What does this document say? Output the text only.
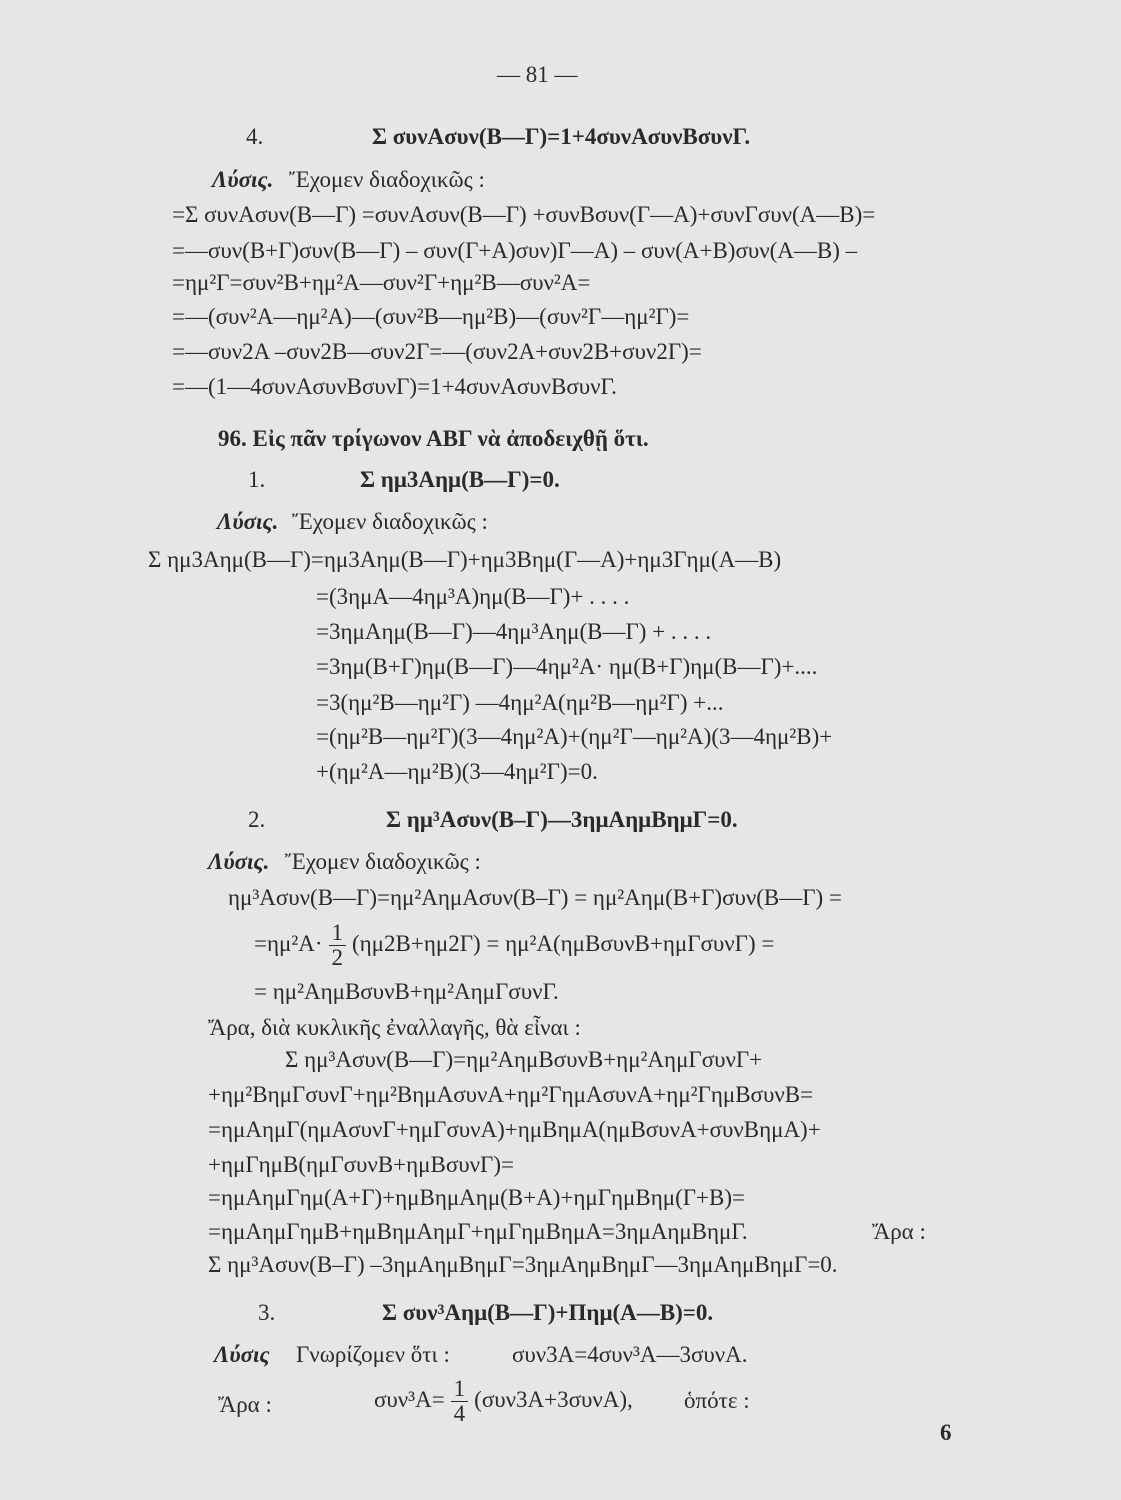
— 81 —
4.	Σ συνΑσυν(Β—Γ)=1+4συνΑσυνΒσυνΓ.
Λύσις. Ἔχομεν διαδοχικῶς :
=Σ συνΑσυν(Β—Γ) =συνΑσυν(Β—Γ) +συνΒσυν(Γ—Α)+συνΓσυν(Α—Β)=
=—συν(Β+Γ)συν(Β—Γ) – συν(Γ+Α)συν)Γ—Α) – συν(Α+Β)συν(Α—Β) –
=ημ²Γ=συν²Β+ημ²Α—συν²Γ+ημ²Β—συν²Α=
=—(συν²Α—ημ²Α)—(συν²Β—ημ²Β)—(συν²Γ—ημ²Γ)=
=—συν2Α –συν2Β—συν2Γ=—(συν2Α+συν2Β+συν2Γ)=
=—(1—4συνΑσυνΒσυνΓ)=1+4συνΑσυνΒσυνΓ.
96. Εἰς πᾶν τρίγωνον ΑΒΓ νὰ ἀποδειχθῇ ὅτι.
1.	Σ ημ3Αημ(Β—Γ)=0.
Λύσις. Ἔχομεν διαδοχικῶς :
Σ ημ3Αημ(Β—Γ)=ημ3Αημ(Β—Γ)+ημ3Βημ(Γ—Α)+ημ3Γημ(Α—Β)
=(3ημΑ—4ημ³Α)ημ(Β—Γ)+ . . . .
=3ημΑημ(Β—Γ)—4ημ³Αημ(Β—Γ) + . . . .
=3ημ(Β+Γ)ημ(Β—Γ)—4ημ²Α· ημ(Β+Γ)ημ(Β—Γ)+....
=3(ημ²Β—ημ²Γ) —4ημ²Α(ημ²Β—ημ²Γ) +...
=(ημ²Β—ημ²Γ)(3—4ημ²Α)+(ημ²Γ—ημ²Α)(3—4ημ²Β)+
+(ημ²Α—ημ²Β)(3—4ημ²Γ)=0.
2.	Σ ημ³Ασυν(Β–Γ)—3ημΑημΒημΓ=0.
Λύσις. Ἔχομεν διαδοχικῶς :
ημ³Ασυν(Β—Γ)=ημ²ΑημΑσυν(Β–Γ) = ημ²Αημ(Β+Γ)συν(Β—Γ) =
$=\eta\mu^2A\cdot \frac{1}{2} (\eta\mu 2B+\eta\mu 2\Gamma) = \eta\mu^2A(\eta\mu B\sigma\upsilon\nu B+\eta\mu\Gamma\sigma\upsilon\nu\Gamma)$ =
= ημ²ΑημΒσυνΒ+ημ²ΑημΓσυνΓ.
Ἄρα, διὰ κυκλικῆς ἐναλλαγῆς, θὰ εἶναι :
Σ ημ³Ασυν(Β—Γ)=ημ²ΑημΒσυνΒ+ημ²ΑημΓσυνΓ+
+ημ²ΒημΓσυνΓ+ημ²ΒημΑσυνΑ+ημ²ΓημΑσυνΑ+ημ²ΓημΒσυνΒ=
=ημΑημΓ(ημΑσυνΓ+ημΓσυνΑ)+ημΒημΑ(ημΒσυνΑ+συνΒημΑ)+
+ημΓημΒ(ημΓσυνΒ+ημΒσυνΓ)=
=ημΑημΓημ(Α+Γ)+ημΒημΑημ(Β+Α)+ημΓημΒημ(Γ+Β)=
=ημΑημΓημΒ+ημΒημΑημΓ+ημΓημΒημΑ=3ημΑημΒημΓ.	Ἄρα :
Σ ημ³Ασυν(Β–Γ) –3ημΑημΒημΓ=3ημΑημΒημΓ—3ημΑημΒημΓ=0.
3.	Σ συν³Αημ(Β—Γ)+Πημ(Α—Β)=0.
Λύσις Γνωρίζομεν ὅτι :	συν3Α=4συν³Α—3συνΑ.
Ἄρα :	$\sigma\upsilon\nu^3A= \frac{1}{4} (\sigma\upsilon\nu 3A+3\sigma\upsilon\nu A)$, ὁπότε :
6
